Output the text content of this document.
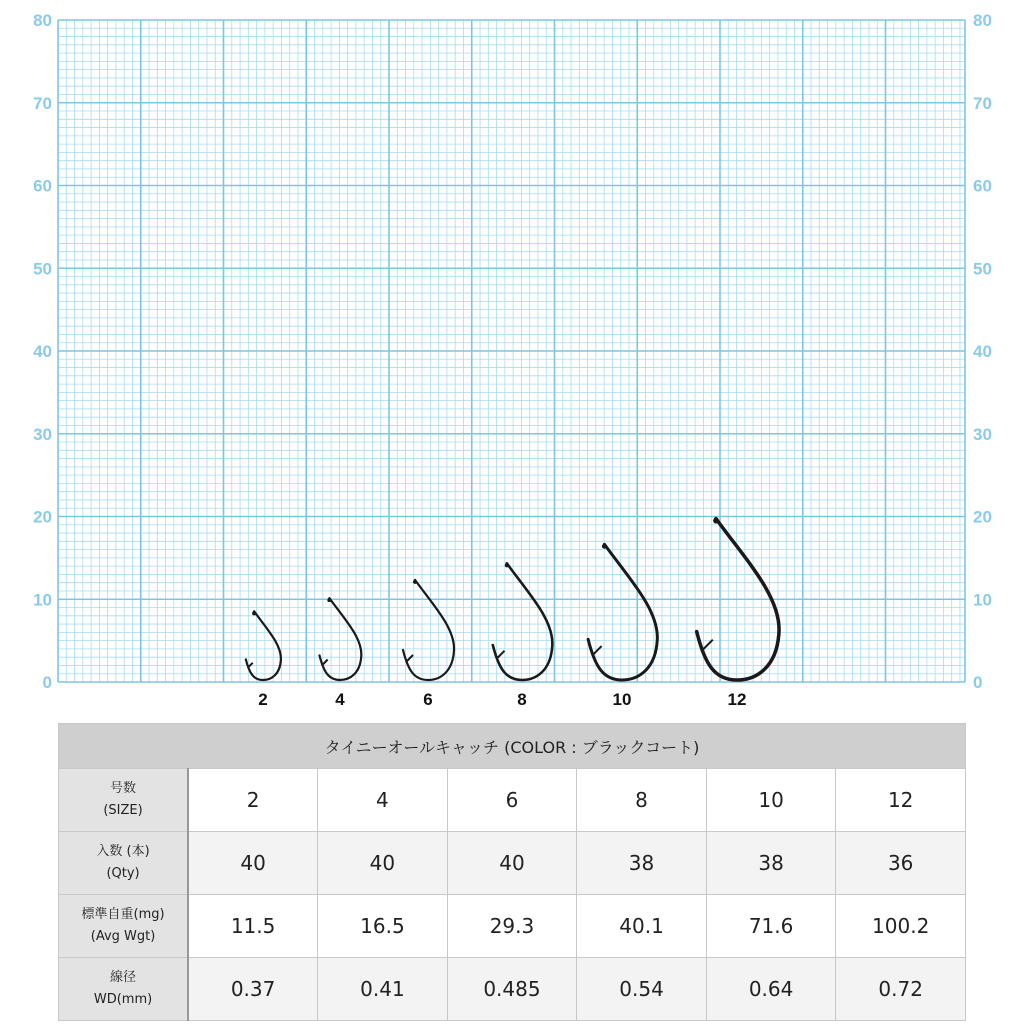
0	0
10	10
20	20
30	30
40	40
50	50
60	60
70	70
80	80
2	4	6	8	10	12
タイニーオールキャッチ (COLOR : ブラックコート)						

号数
(SIZE)	2	4	6	8	10	12

入数 (本)
(Qty)	40	40	40	38	38	36

標準自重(mg)
(Avg Wgt)	11.5	16.5	29.3	40.1	71.6	100.2

線径
WD(mm)	0.37	0.41	0.485	0.54	0.64	0.72
